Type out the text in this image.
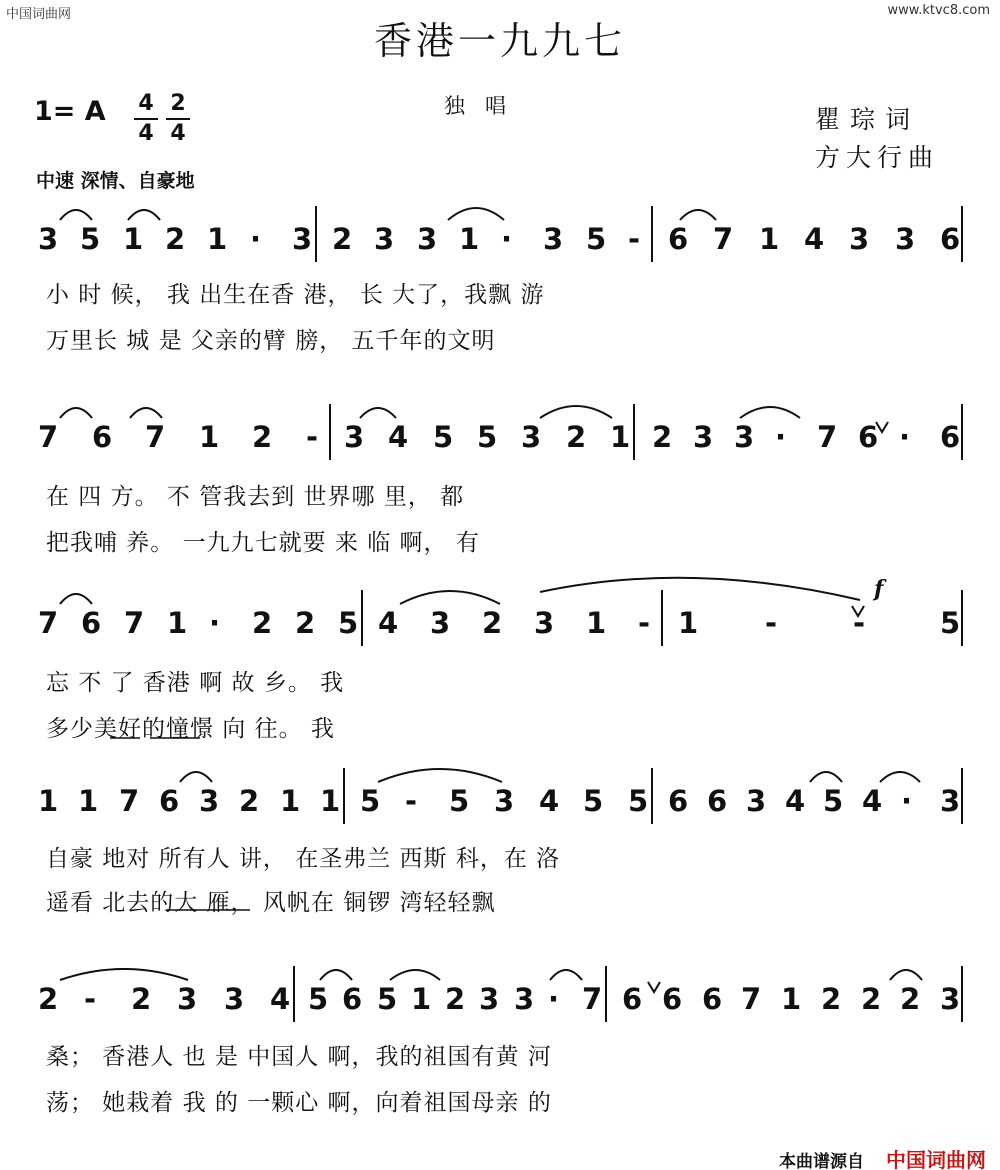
中国词曲网	www.ktvc8.com
香港一九九七
1= A 4
4
2
4
独唱	瞿琮词
方大行曲
中速 深情、自豪地
f
3 5 1 2 1 · 3 2 3 3 1 · 3 5 - 6 7 1 4 3 3 6
小 时 候， 我 出生在香 港， 长 大了，我飘 游
万里长 城 是 父亲的臂 膀， 五千年的文明
7 6 7 1 2 - 3 4 5 5 3 2 1 2 3 3 · 7 6 · 6
在 四 方。 不 管我去到 世界哪 里， 都
把我哺 养。 一九九七就要 来 临 啊， 有
7 6 7 1 · 2 2 5 4 3 2 3 1 - 1 -	-	5
忘 不 了 香港 啊 故 乡。 我
多少美好的憧憬 向 往。 我
1 1 7 6 3 2 1 1 5 - 5 3 4 5 5 6 6 3 4 5 4 · 3
自豪 地对 所有人 讲， 在圣弗兰 西斯 科，在 洛
遥看 北去的大 雁， 风帆在 铜锣 湾轻轻飘
2 - 2 3 3 4 5 6 5 1 2 3 3 · 7 6 6 6 7 1 2 2 2 3
桑； 香港人 也 是 中国人 啊，我的祖国有黄 河
荡； 她栽着 我 的 一颗心 啊，向着祖国母亲 的
本曲谱源自 中国词曲网
